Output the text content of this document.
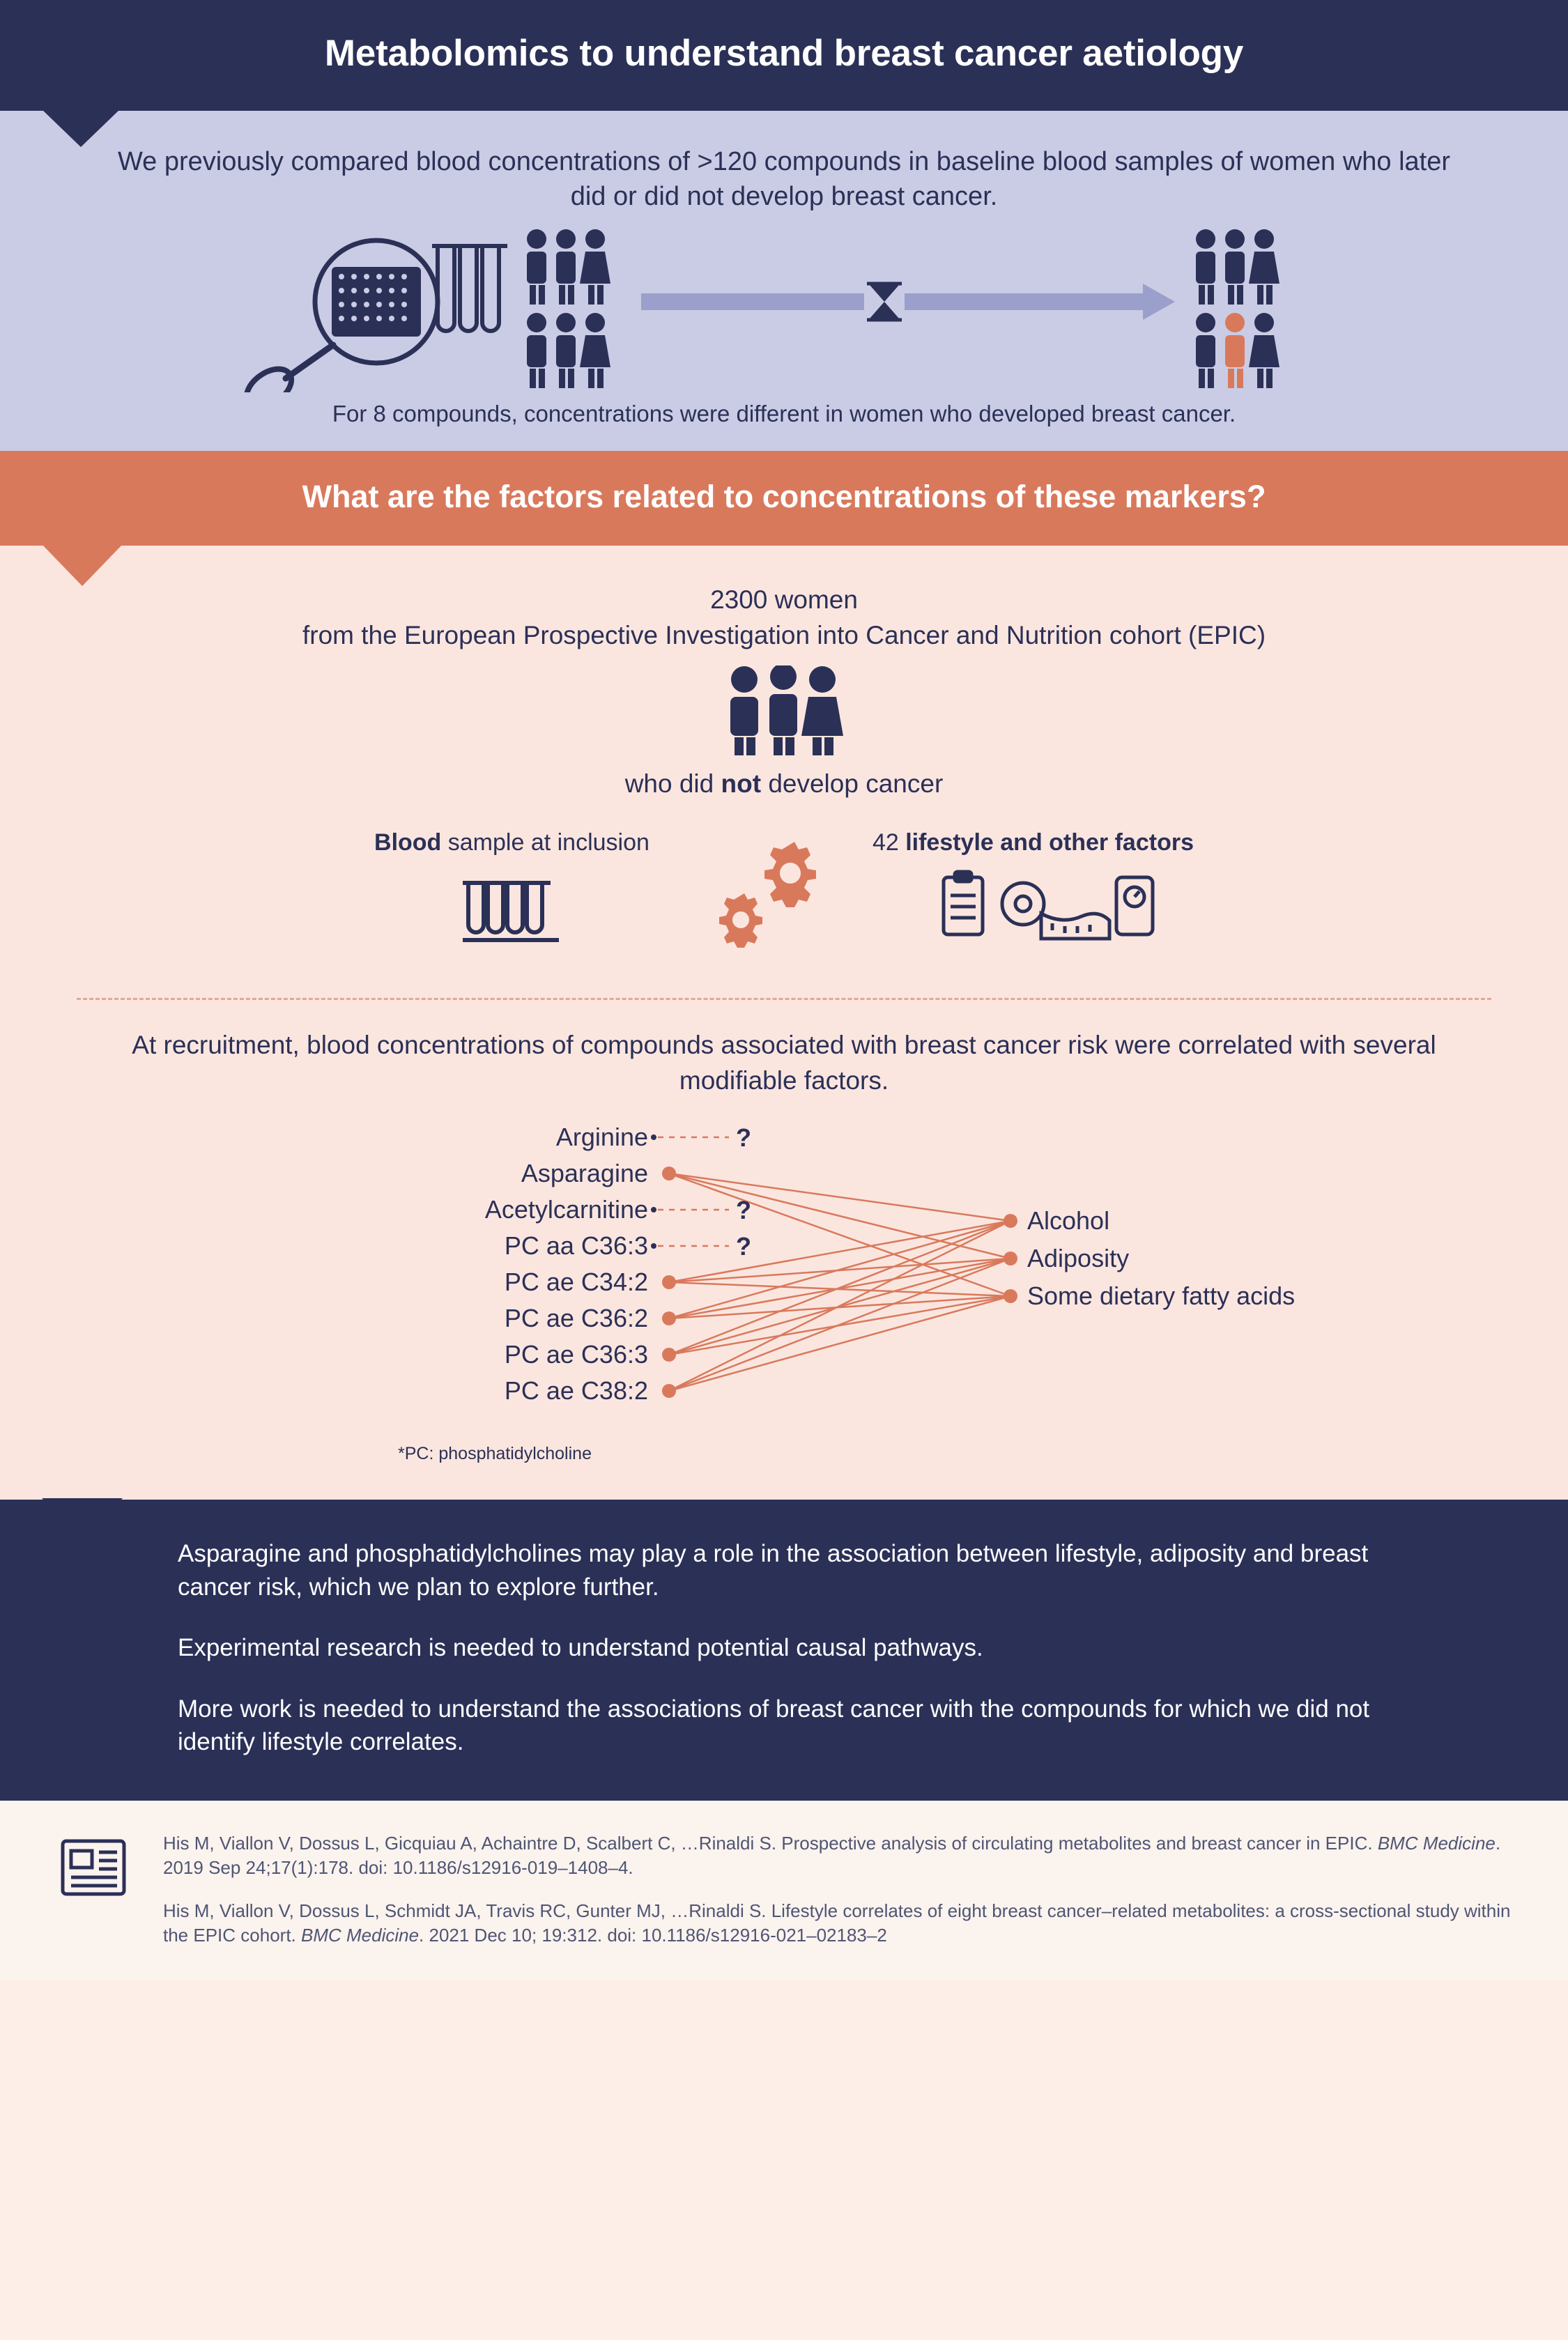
Metabolomics to understand breast cancer aetiology
We previously compared blood concentrations of >120 compounds in baseline blood samples of women who later did or did not develop breast cancer.
For 8 compounds, concentrations were different in women who developed breast cancer.
What are the factors related to concentrations of these markers?
2300 women
from the European Prospective Investigation into Cancer and Nutrition cohort (EPIC)
who did not develop cancer
Blood sample at inclusion	42 lifestyle and other factors
At recruitment, blood concentrations of compounds associated with breast cancer risk were correlated with several modifiable factors.
Arginine	?
Asparagine
Acetylcarnitine	?
PC aa C36:3	?
PC ae C34:2
PC ae C36:2
PC ae C36:3
PC ae C38:2
Alcohol
Adiposity
Some dietary fatty acids
*PC: phosphatidylcholine

Asparagine and phosphatidylcholines may play a role in the association between lifestyle, adiposity and breast cancer risk, which we plan to explore further.

Experimental research is needed to understand potential causal pathways.

More work is needed to understand the associations of breast cancer with the compounds for which we did not identify lifestyle correlates.

His M, Viallon V, Dossus L, Gicquiau A, Achaintre D, Scalbert C, …Rinaldi S. Prospective analysis of circulating metabolites and breast cancer in EPIC. BMC Medicine. 2019 Sep 24;17(1):178. doi: 10.1186/s12916-019–1408–4.

His M, Viallon V, Dossus L, Schmidt JA, Travis RC, Gunter MJ, …Rinaldi S. Lifestyle correlates of eight breast cancer–related metabolites: a cross-sectional study within the EPIC cohort. BMC Medicine. 2021 Dec 10; 19:312. doi: 10.1186/s12916-021–02183–2
